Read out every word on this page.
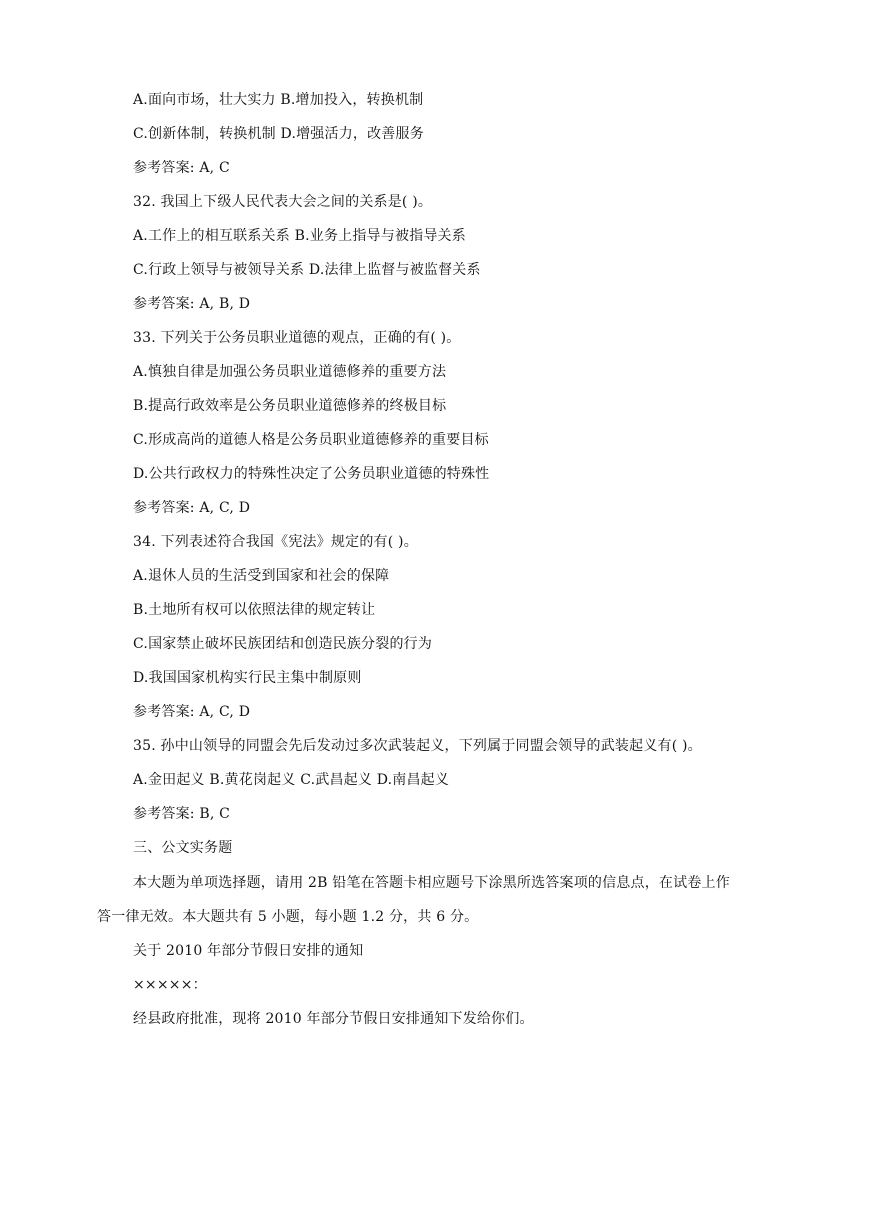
A.面向市场，壮大实力 B.增加投入，转换机制
C.创新体制，转换机制 D.增强活力，改善服务
参考答案: A, C
32. 我国上下级人民代表大会之间的关系是( )。
A.工作上的相互联系关系 B.业务上指导与被指导关系
C.行政上领导与被领导关系 D.法律上监督与被监督关系
参考答案: A, B, D
33. 下列关于公务员职业道德的观点，正确的有( )。
A.慎独自律是加强公务员职业道德修养的重要方法
B.提高行政效率是公务员职业道德修养的终极目标
C.形成高尚的道德人格是公务员职业道德修养的重要目标
D.公共行政权力的特殊性决定了公务员职业道德的特殊性
参考答案: A, C, D
34. 下列表述符合我国《宪法》规定的有( )。
A.退休人员的生活受到国家和社会的保障
B.土地所有权可以依照法律的规定转让
C.国家禁止破坏民族团结和创造民族分裂的行为
D.我国国家机构实行民主集中制原则
参考答案: A, C, D
35. 孙中山领导的同盟会先后发动过多次武装起义，下列属于同盟会领导的武装起义有( )。
A.金田起义 B.黄花岗起义 C.武昌起义 D.南昌起义
参考答案: B, C
三、公文实务题
本大题为单项选择题，请用 2B 铅笔在答题卡相应题号下涂黑所选答案项的信息点，在试卷上作
答一律无效。本大题共有 5 小题，每小题 1.2 分，共 6 分。
关于 2010 年部分节假日安排的通知
×××××：
经县政府批准，现将 2010 年部分节假日安排通知下发给你们。
